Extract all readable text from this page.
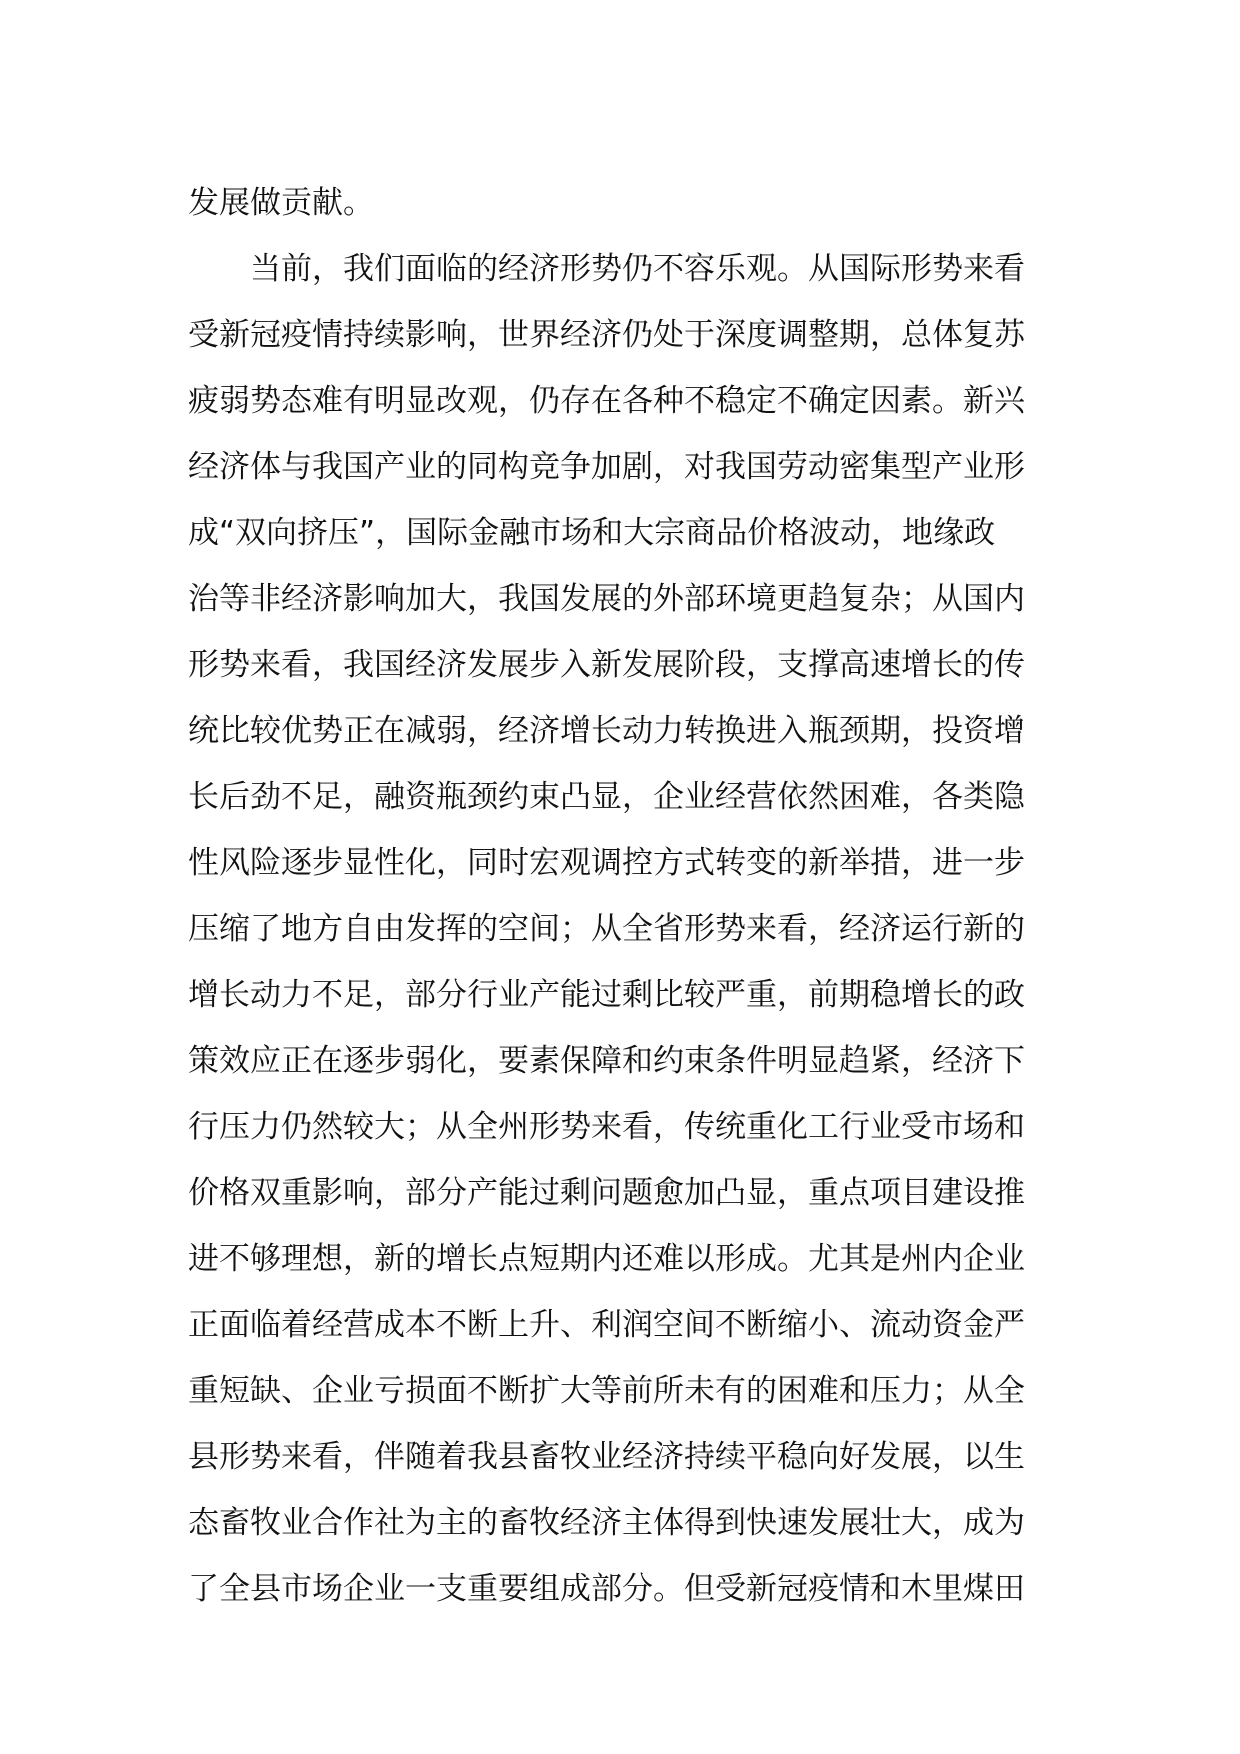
发展做贡献。
当前，我们面临的经济形势仍不容乐观。从国际形势来看
受新冠疫情持续影响，世界经济仍处于深度调整期，总体复苏
疲弱势态难有明显改观，仍存在各种不稳定不确定因素。新兴
经济体与我国产业的同构竞争加剧，对我国劳动密集型产业形
成“双向挤压”，国际金融市场和大宗商品价格波动，地缘政
治等非经济影响加大，我国发展的外部环境更趋复杂；从国内
形势来看，我国经济发展步入新发展阶段，支撑高速增长的传
统比较优势正在减弱，经济增长动力转换进入瓶颈期，投资增
长后劲不足，融资瓶颈约束凸显，企业经营依然困难，各类隐
性风险逐步显性化，同时宏观调控方式转变的新举措，进一步
压缩了地方自由发挥的空间；从全省形势来看，经济运行新的
增长动力不足，部分行业产能过剩比较严重，前期稳增长的政
策效应正在逐步弱化，要素保障和约束条件明显趋紧，经济下
行压力仍然较大；从全州形势来看，传统重化工行业受市场和
价格双重影响，部分产能过剩问题愈加凸显，重点项目建设推
进不够理想，新的增长点短期内还难以形成。尤其是州内企业
正面临着经营成本不断上升、利润空间不断缩小、流动资金严
重短缺、企业亏损面不断扩大等前所未有的困难和压力；从全
县形势来看，伴随着我县畜牧业经济持续平稳向好发展，以生
态畜牧业合作社为主的畜牧经济主体得到快速发展壮大，成为
了全县市场企业一支重要组成部分。但受新冠疫情和木里煤田
